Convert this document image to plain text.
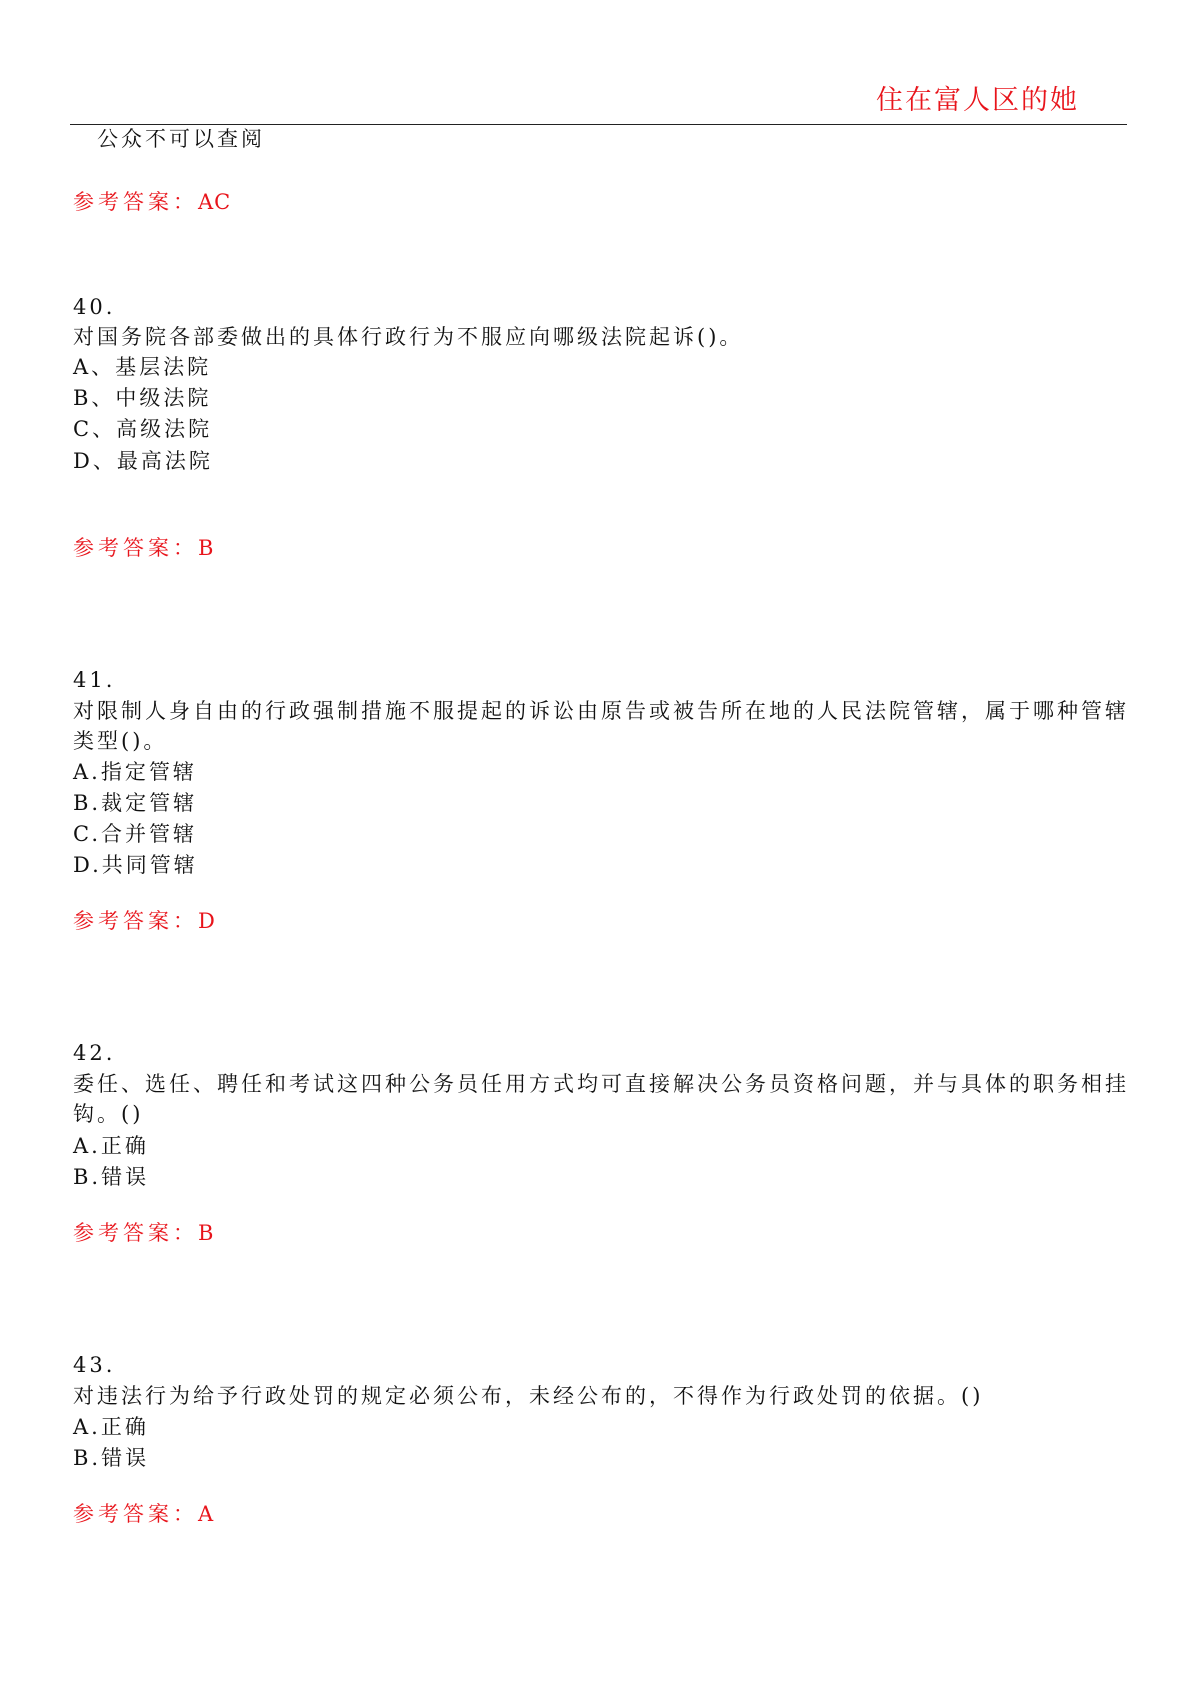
住在富人区的她
公众不可以查阅
参考答案：AC
40.
对国务院各部委做出的具体行政行为不服应向哪级法院起诉()。
A、基层法院
B、中级法院
C、高级法院
D、最高法院
参考答案：B
41.
对限制人身自由的行政强制措施不服提起的诉讼由原告或被告所在地的人民法院管辖，属于哪种管辖
类型()。
A.指定管辖
B.裁定管辖
C.合并管辖
D.共同管辖
参考答案：D
42.
委任、选任、聘任和考试这四种公务员任用方式均可直接解决公务员资格问题，并与具体的职务相挂
钩。()
A.正确
B.错误
参考答案：B
43.
对违法行为给予行政处罚的规定必须公布，未经公布的，不得作为行政处罚的依据。()
A.正确
B.错误
参考答案：A
